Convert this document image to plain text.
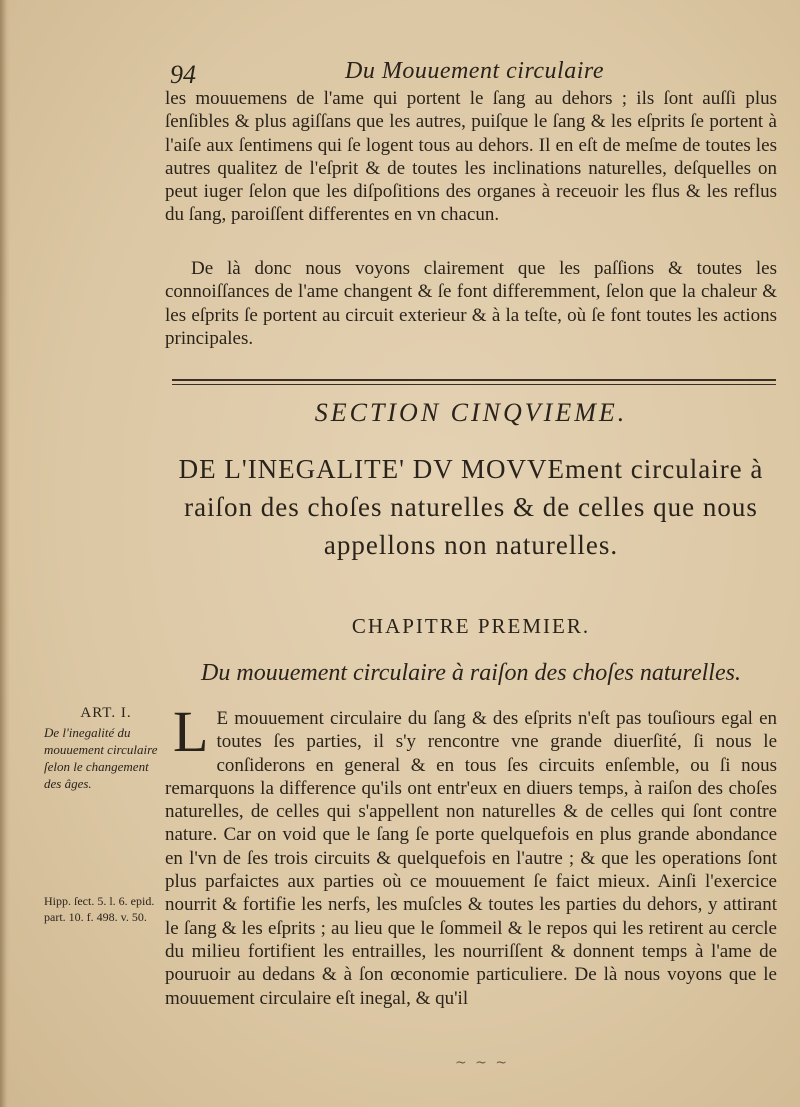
94	Du Mouuement circulaire

les mouuemens de l'ame qui portent le ſang au dehors ; ils ſont auſſi plus ſenſibles & plus agiſſans que les autres, puiſque le ſang & les eſprits ſe portent à l'aiſe aux ſentimens qui ſe logent tous au dehors. Il en eſt de meſme de toutes les autres qualitez de l'eſprit & de toutes les inclinations naturelles, deſquelles on peut iuger ſelon que les diſpoſitions des organes à receuoir les flus & les reflus du ſang, paroiſſent differentes en vn chacun.

De là donc nous voyons clairement que les paſſions & toutes les connoiſſances de l'ame changent & ſe font differemment, ſelon que la chaleur & les eſprits ſe portent au circuit exterieur & à la teſte, où ſe font toutes les actions principales.

SECTION CINQVIEME.
DE L'INEGALITE' DV MOVVEment circulaire à raiſon des choſes naturelles & de celles que nous appellons non naturelles.
CHAPITRE PREMIER.
Du mouuement circulaire à raiſon des choſes naturelles.
ART. I.
De l'inegalité du mouuement circulaire ſelon le changement des âges.
Hipp. ſect. 5. l. 6. epid. part. 10. f. 498. v. 50.

L E mouuement circulaire du ſang & des eſprits n'eſt pas touſiours egal en toutes ſes parties, il s'y rencontre vne grande diuerſité, ſi nous le conſiderons en general & en tous ſes circuits enſemble, ou ſi nous remarquons la difference qu'ils ont entr'eux en diuers temps, à raiſon des choſes naturelles, de celles qui s'appellent non naturelles & de celles qui ſont contre nature. Car on void que le ſang ſe porte quelquefois en plus grande abondance en l'vn de ſes trois circuits & quelquefois en l'autre ; & que les operations ſont plus parfaictes aux parties où ce mouuement ſe faict mieux. Ainſi l'exercice nourrit & fortifie les nerfs, les muſcles & toutes les parties du dehors, y attirant le ſang & les eſprits ; au lieu que le ſommeil & le repos qui les retirent au cercle du milieu fortifient les entrailles, les nourriſſent & donnent temps à l'ame de pouruoir au dedans & à ſon œconomie particuliere. De là nous voyons que le mouuement circulaire eſt inegal, & qu'il

~ ~ ~
